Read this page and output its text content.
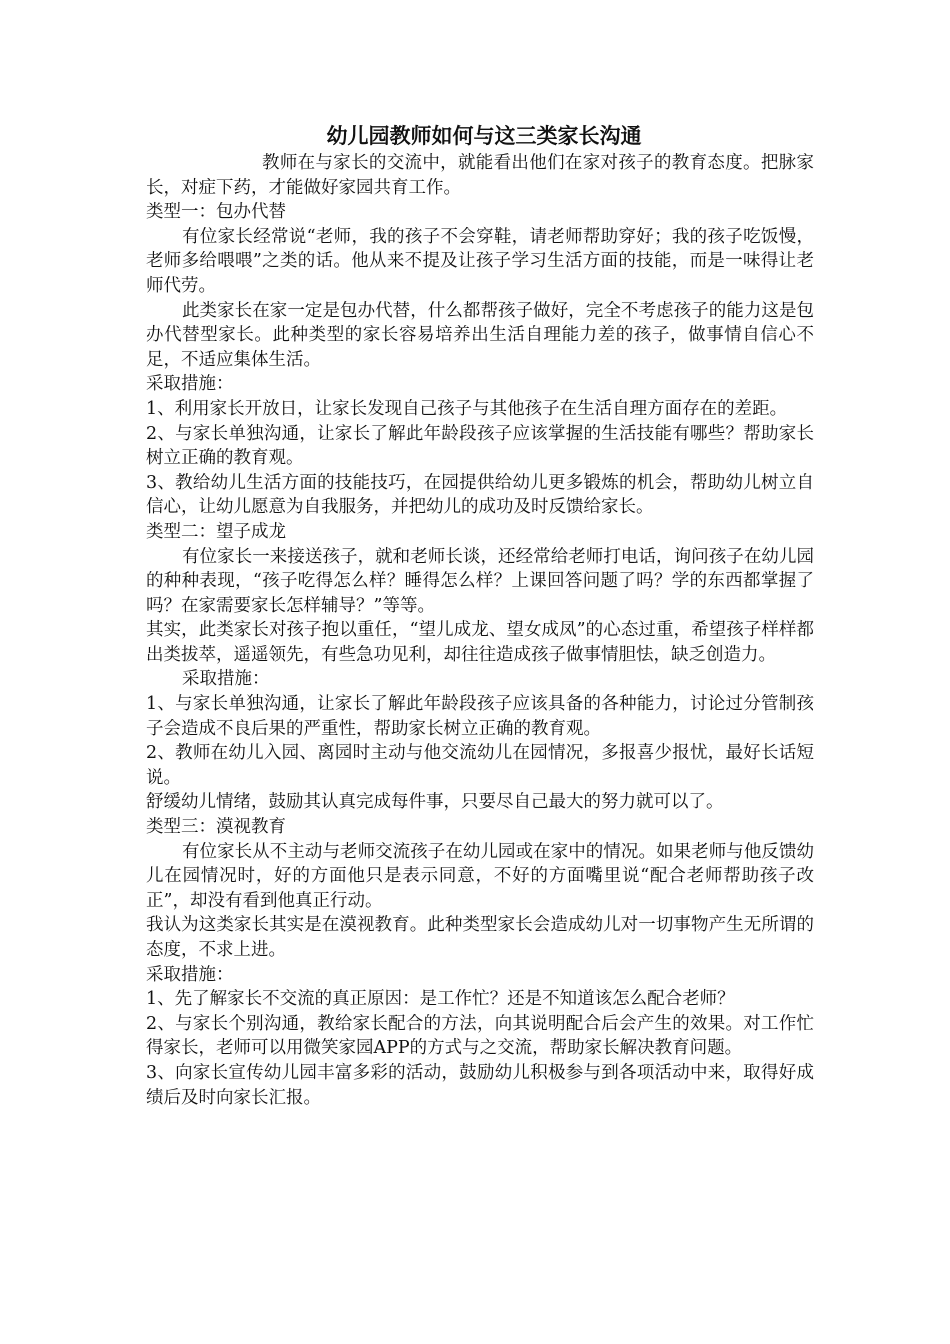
幼儿园教师如何与这三类家长沟通

教师在与家长的交流中，就能看出他们在家对孩子的教育态度。把脉家长，对症下药，才能做好家园共育工作。

类型一：包办代替

有位家长经常说“老师，我的孩子不会穿鞋，请老师帮助穿好；我的孩子吃饭慢，老师多给喂喂”之类的话。他从来不提及让孩子学习生活方面的技能，而是一味得让老师代劳。

此类家长在家一定是包办代替，什么都帮孩子做好，完全不考虑孩子的能力这是包办代替型家长。此种类型的家长容易培养出生活自理能力差的孩子，做事情自信心不足，不适应集体生活。

采取措施：

1、利用家长开放日，让家长发现自己孩子与其他孩子在生活自理方面存在的差距。

2、与家长单独沟通，让家长了解此年龄段孩子应该掌握的生活技能有哪些？帮助家长树立正确的教育观。

3、教给幼儿生活方面的技能技巧，在园提供给幼儿更多锻炼的机会，帮助幼儿树立自信心，让幼儿愿意为自我服务，并把幼儿的成功及时反馈给家长。

类型二：望子成龙

有位家长一来接送孩子，就和老师长谈，还经常给老师打电话，询问孩子在幼儿园的种种表现，“孩子吃得怎么样？睡得怎么样？上课回答问题了吗？学的东西都掌握了吗？在家需要家长怎样辅导？”等等。

其实，此类家长对孩子抱以重任，“望儿成龙、望女成凤”的心态过重，希望孩子样样都出类拔萃，遥遥领先，有些急功见利，却往往造成孩子做事情胆怯，缺乏创造力。

采取措施：

1、与家长单独沟通，让家长了解此年龄段孩子应该具备的各种能力，讨论过分管制孩子会造成不良后果的严重性，帮助家长树立正确的教育观。

2、教师在幼儿入园、离园时主动与他交流幼儿在园情况，多报喜少报忧，最好长话短说。

舒缓幼儿情绪，鼓励其认真完成每件事，只要尽自己最大的努力就可以了。

类型三：漠视教育

有位家长从不主动与老师交流孩子在幼儿园或在家中的情况。如果老师与他反馈幼儿在园情况时，好的方面他只是表示同意，不好的方面嘴里说“配合老师帮助孩子改正”，却没有看到他真正行动。

我认为这类家长其实是在漠视教育。此种类型家长会造成幼儿对一切事物产生无所谓的态度，不求上进。

采取措施：

1、先了解家长不交流的真正原因：是工作忙？还是不知道该怎么配合老师？

2、与家长个别沟通，教给家长配合的方法，向其说明配合后会产生的效果。对工作忙得家长，老师可以用微笑家园APP的方式与之交流，帮助家长解决教育问题。

3、向家长宣传幼儿园丰富多彩的活动，鼓励幼儿积极参与到各项活动中来，取得好成绩后及时向家长汇报。
